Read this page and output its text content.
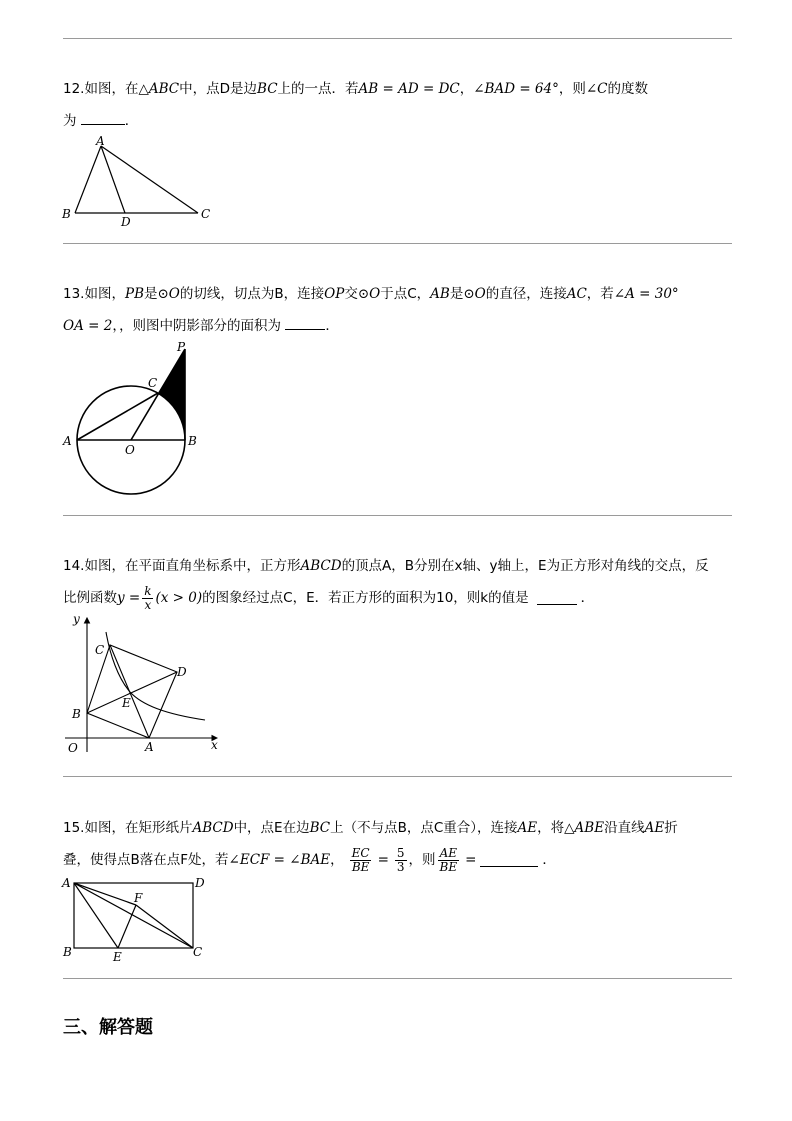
12.如图，在△ABC中，点D是边BC上的一点．若AB = AD = DC，∠BAD = 64°，则∠C的度数
为	．
A
B
D
C
13.如图，PB是⊙O的切线，切点为B，连接OP交⊙O于点C，AB是⊙O的直径，连接AC，若∠A = 30°
OA = 2，，则图中阴影部分的面积为	．
P
C
A
O
B
14.如图，在平面直角坐标系中，正方形ABCD的顶点A，B分别在x轴、y轴上，E为正方形对角线的交点，反
比例函数 $y = \frac{k}{x} (x > 0)$ 的图象经过点C，E．若正方形的面积为10，则k的值是	．
y
C
D
E
B
O	A	x
15.如图，在矩形纸片ABCD中，点E在边BC上（不与点B，点C重合），连接AE，将△ABE沿直线AE折
叠，使得点B落在点F处，若 ∠ECF = ∠BAE ， $\frac{EC}{BE} = \frac{5}{3}$ ，则 $\frac{AE}{BE}$ =	．
A	D
F
B	E	C
三、解答题
